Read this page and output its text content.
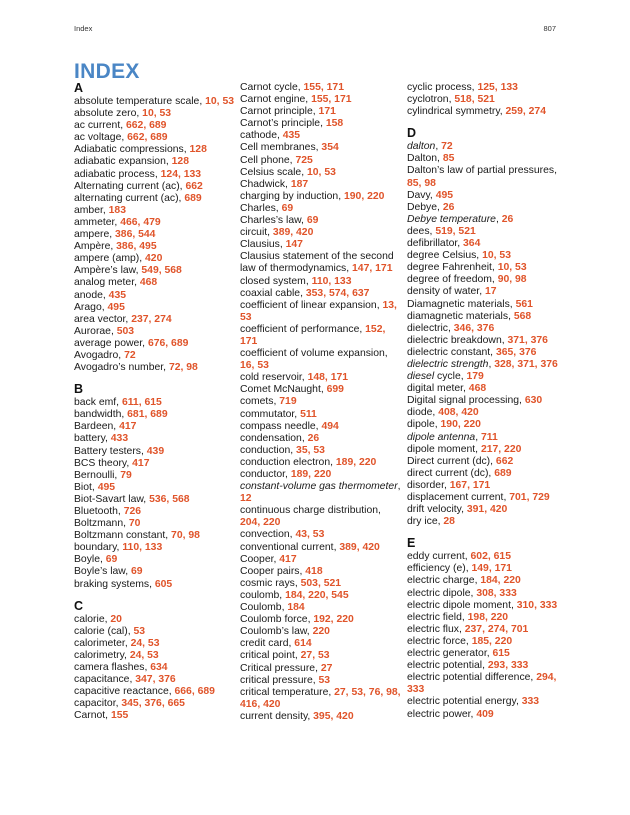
Index	807
INDEX
A
absolute temperature scale, 10, 53
absolute zero, 10, 53
ac current, 662, 689
ac voltage, 662, 689
Adiabatic compressions, 128
adiabatic expansion, 128
adiabatic process, 124, 133
Alternating current (ac), 662
alternating current (ac), 689
amber, 183
ammeter, 466, 479
ampere, 386, 544
Ampère, 386, 495
ampere (amp), 420
Ampère’s law, 549, 568
analog meter, 468
anode, 435
Arago, 495
area vector, 237, 274
Aurorae, 503
average power, 676, 689
Avogadro, 72
Avogadro’s number, 72, 98
B
back emf, 611, 615
bandwidth, 681, 689
Bardeen, 417
battery, 433
Battery testers, 439
BCS theory, 417
Bernoulli, 79
Biot, 495
Biot-Savart law, 536, 568
Bluetooth, 726
Boltzmann, 70
Boltzmann constant, 70, 98
boundary, 110, 133
Boyle, 69
Boyle’s law, 69
braking systems, 605
C
calorie, 20
calorie (cal), 53
calorimeter, 24, 53
calorimetry, 24, 53
camera flashes, 634
capacitance, 347, 376
capacitive reactance, 666, 689
capacitor, 345, 376, 665
Carnot, 155
Carnot cycle, 155, 171
Carnot engine, 155, 171
Carnot principle, 171
Carnot’s principle, 158
cathode, 435
Cell membranes, 354
Cell phone, 725
Celsius scale, 10, 53
Chadwick, 187
charging by induction, 190, 220
Charles, 69
Charles’s law, 69
circuit, 389, 420
Clausius, 147
Clausius statement of the second law of thermodynamics, 147, 171
closed system, 110, 133
coaxial cable, 353, 574, 637
coefficient of linear expansion, 13, 53
coefficient of performance, 152, 171
coefficient of volume expansion, 16, 53
cold reservoir, 148, 171
Comet McNaught, 699
comets, 719
commutator, 511
compass needle, 494
condensation, 26
conduction, 35, 53
conduction electron, 189, 220
conductor, 189, 220
constant-volume gas thermometer, 12
continuous charge distribution, 204, 220
convection, 43, 53
conventional current, 389, 420
Cooper, 417
Cooper pairs, 418
cosmic rays, 503, 521
coulomb, 184, 220, 545
Coulomb, 184
Coulomb force, 192, 220
Coulomb’s law, 220
credit card, 614
critical point, 27, 53
Critical pressure, 27
critical pressure, 53
critical temperature, 27, 53, 76, 98, 416, 420
current density, 395, 420
cyclic process, 125, 133
cyclotron, 518, 521
cylindrical symmetry, 259, 274
D
dalton, 72
Dalton, 85
Dalton’s law of partial pressures, 85, 98
Davy, 495
Debye, 26
Debye temperature, 26
dees, 519, 521
defibrillator, 364
degree Celsius, 10, 53
degree Fahrenheit, 10, 53
degree of freedom, 90, 98
density of water, 17
Diamagnetic materials, 561
diamagnetic materials, 568
dielectric, 346, 376
dielectric breakdown, 371, 376
dielectric constant, 365, 376
dielectric strength, 328, 371, 376
diesel cycle, 179
digital meter, 468
Digital signal processing, 630
diode, 408, 420
dipole, 190, 220
dipole antenna, 711
dipole moment, 217, 220
Direct current (dc), 662
direct current (dc), 689
disorder, 167, 171
displacement current, 701, 729
drift velocity, 391, 420
dry ice, 28
E
eddy current, 602, 615
efficiency (e), 149, 171
electric charge, 184, 220
electric dipole, 308, 333
electric dipole moment, 310, 333
electric field, 198, 220
electric flux, 237, 274, 701
electric force, 185, 220
electric generator, 615
electric potential, 293, 333
electric potential difference, 294, 333
electric potential energy, 333
electric power, 409
